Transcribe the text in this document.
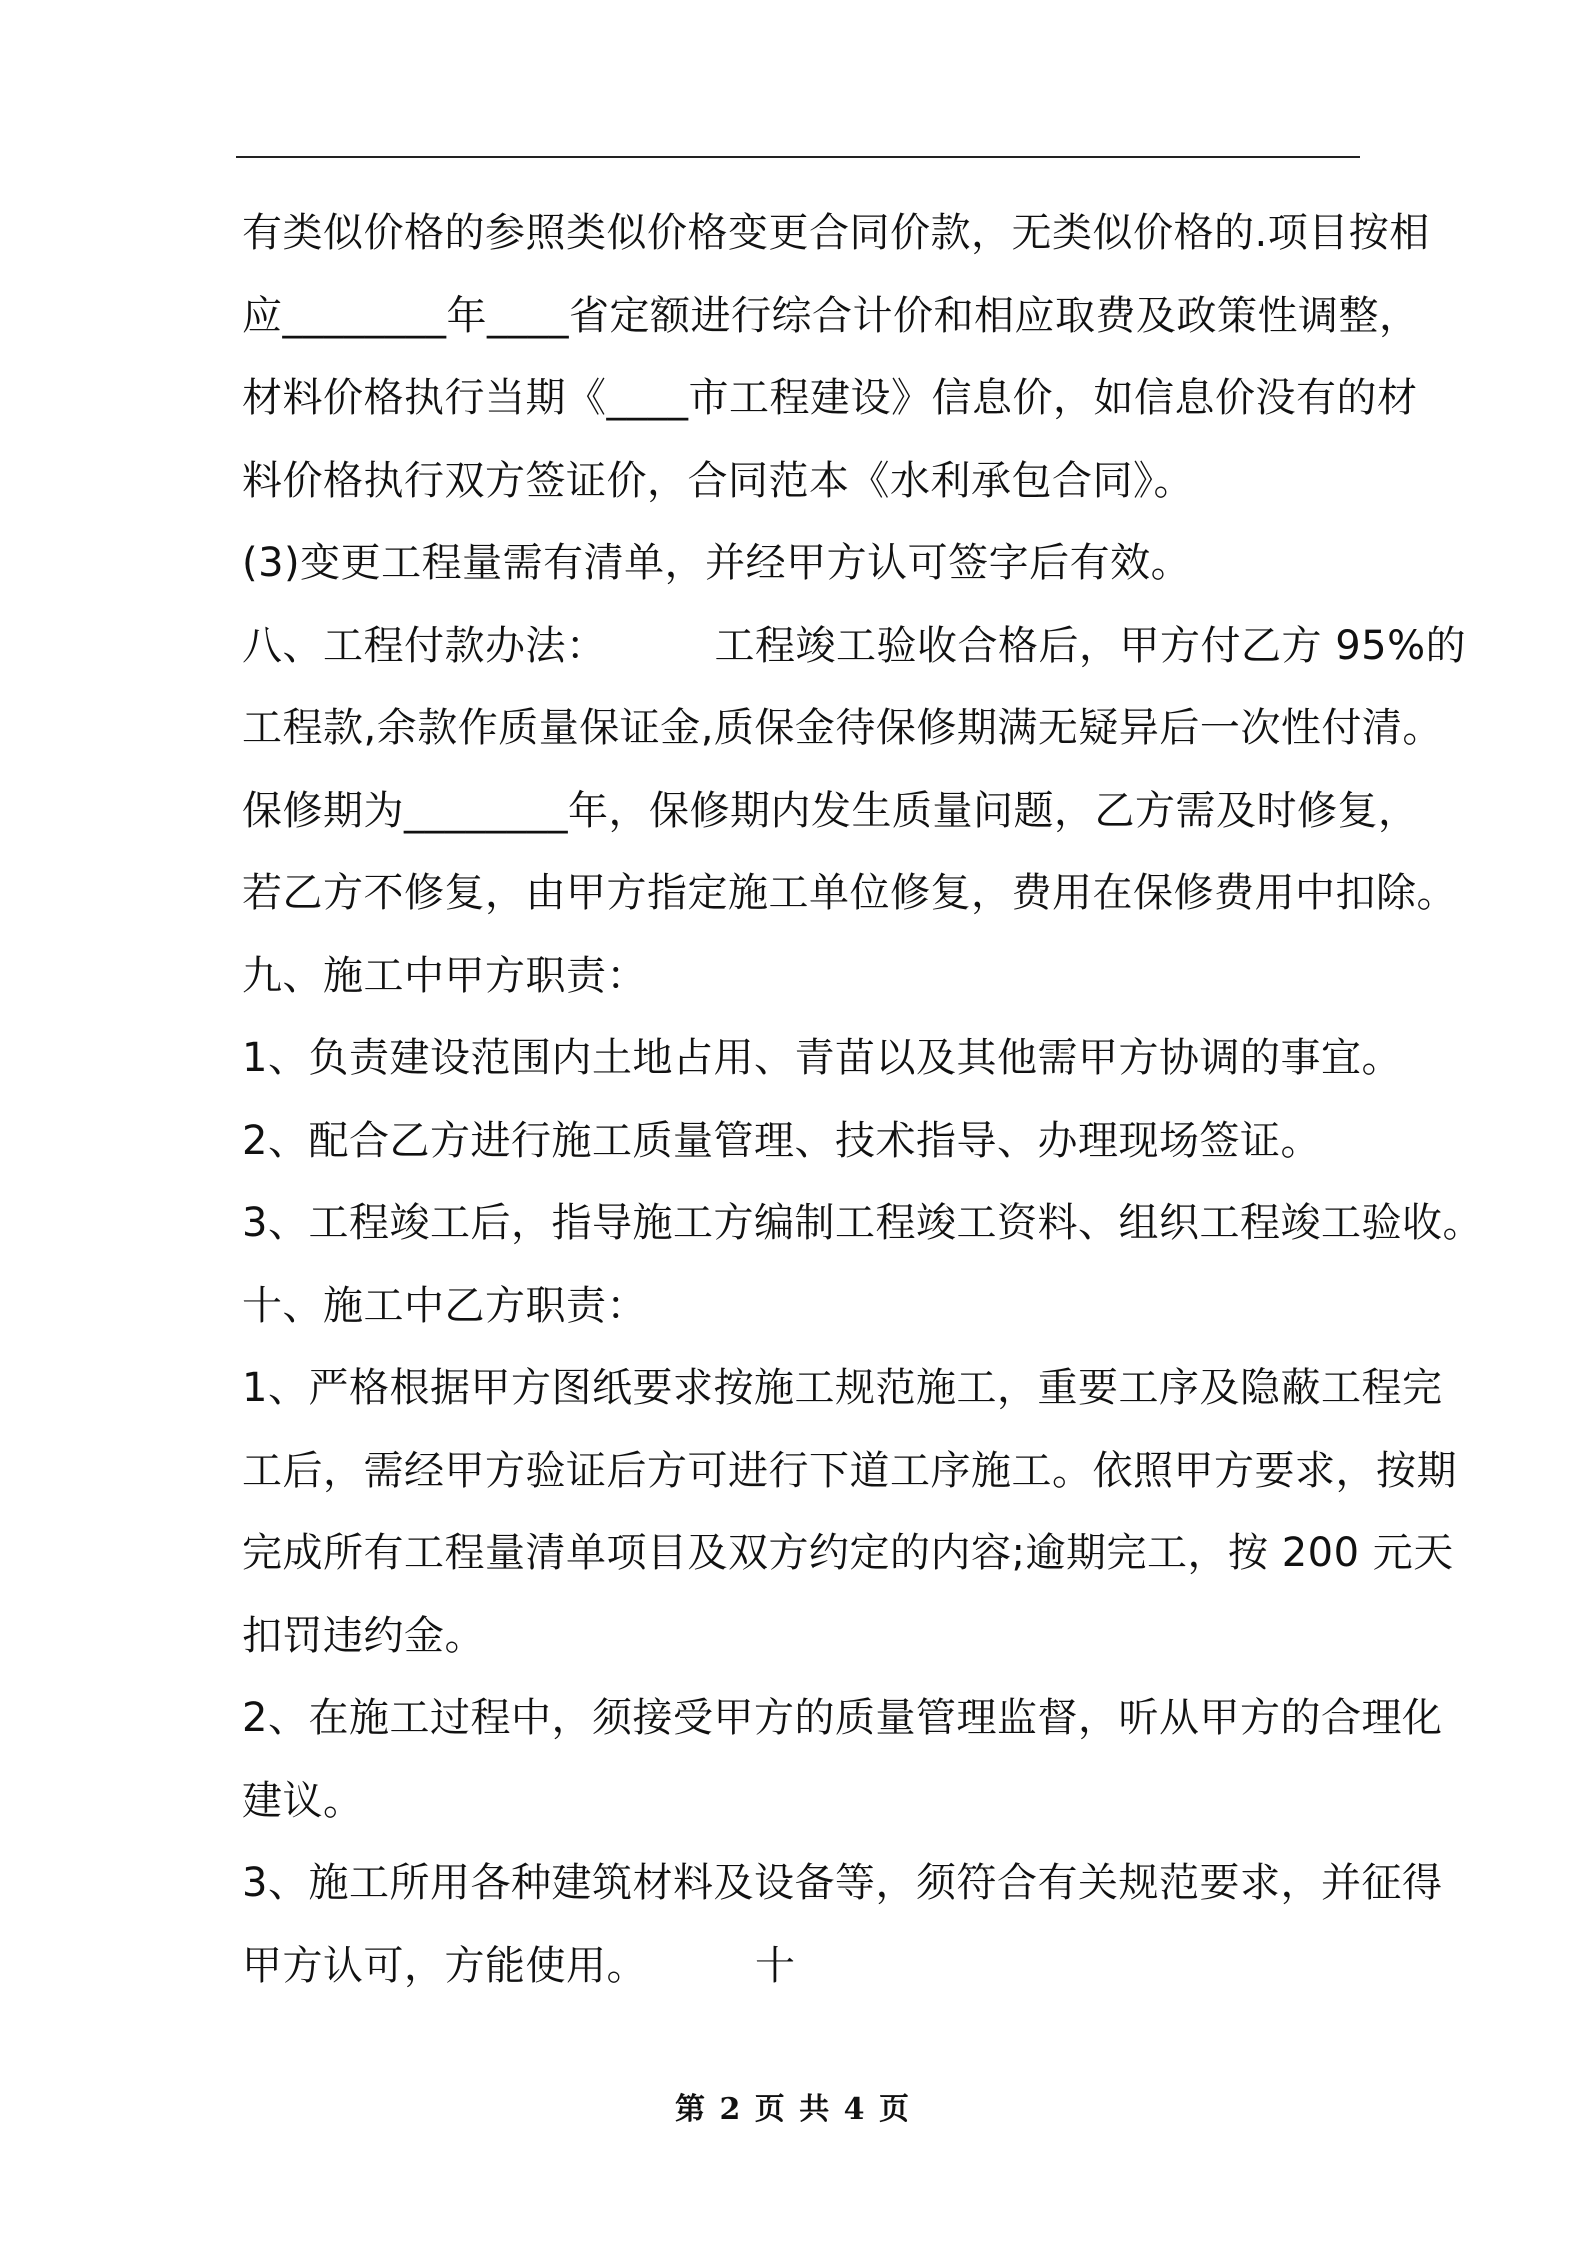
有类似价格的参照类似价格变更合同价款，无类似价格的.项目按相
应________年____省定额进行综合计价和相应取费及政策性调整，
材料价格执行当期《____市工程建设》信息价，如信息价没有的材
料价格执行双方签证价，合同范本《水利承包合同》。
(3)变更工程量需有清单，并经甲方认可签字后有效。
八、工程付款办法：	工程竣工验收合格后，甲方付乙方 95%的
工程款,余款作质量保证金,质保金待保修期满无疑异后一次性付清。
保修期为________年，保修期内发生质量问题，乙方需及时修复，
若乙方不修复，由甲方指定施工单位修复，费用在保修费用中扣除。
九、施工中甲方职责：
1、负责建设范围内土地占用、青苗以及其他需甲方协调的事宜。
2、配合乙方进行施工质量管理、技术指导、办理现场签证。
3、工程竣工后，指导施工方编制工程竣工资料、组织工程竣工验收。
十、施工中乙方职责：
1、严格根据甲方图纸要求按施工规范施工，重要工序及隐蔽工程完
工后，需经甲方验证后方可进行下道工序施工。依照甲方要求，按期
完成所有工程量清单项目及双方约定的内容;逾期完工，按 200 元天
扣罚违约金。
2、在施工过程中，须接受甲方的质量管理监督，听从甲方的合理化
建议。
3、施工所用各种建筑材料及设备等，须符合有关规范要求，并征得
甲方认可，方能使用。	十
第 2 页 共 4 页
